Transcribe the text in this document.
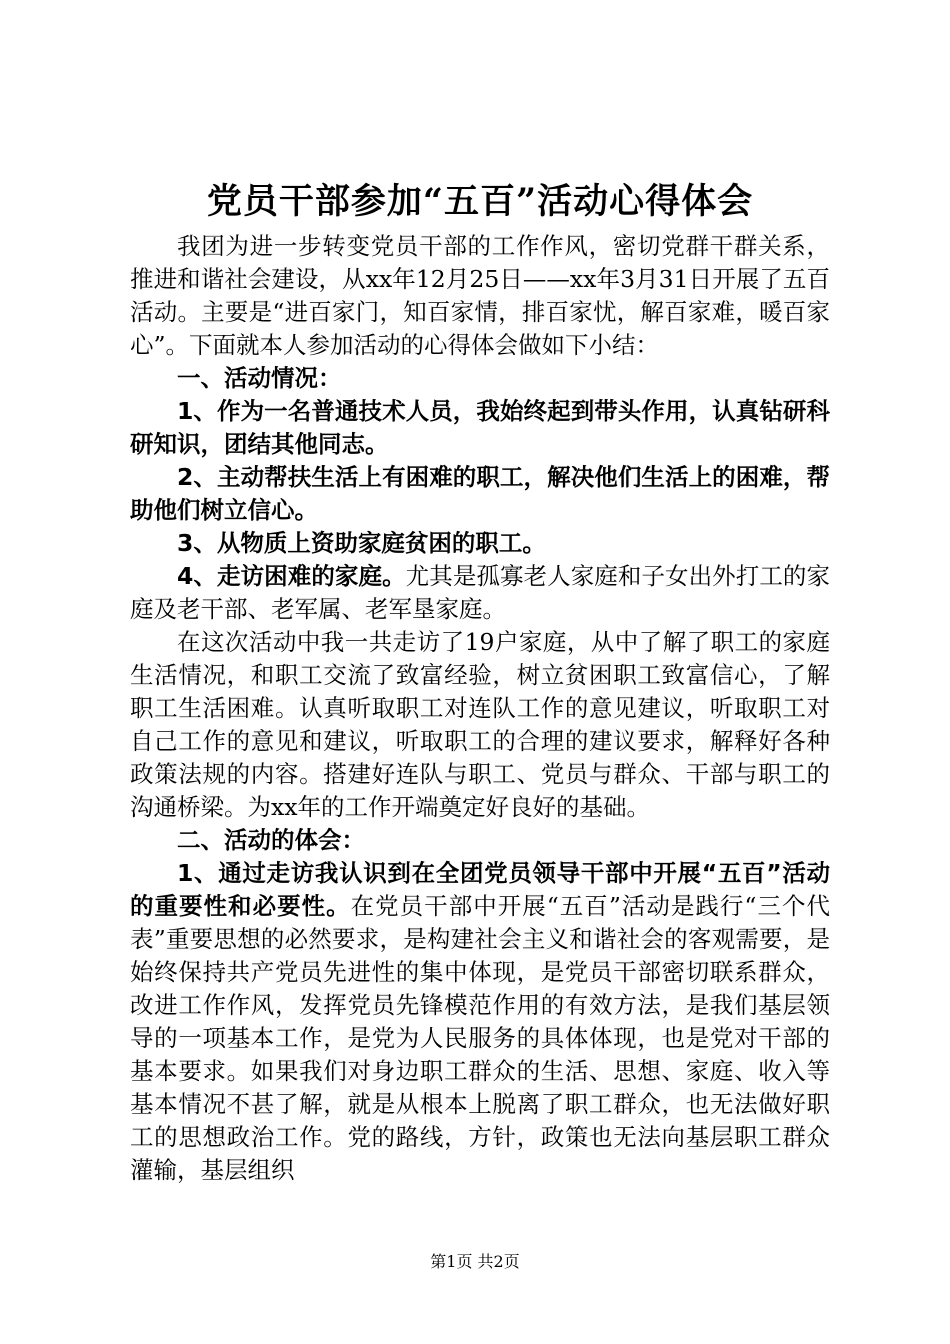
党员干部参加“五百”活动心得体会

我团为进一步转变党员干部的工作作风，密切党群干群关系，推进和谐社会建设，从xx年12月25日——xx年3月31日开展了五百活动。主要是“进百家门，知百家情，排百家忧，解百家难，暖百家心”。下面就本人参加活动的心得体会做如下小结：

一、活动情况：

1、作为一名普通技术人员，我始终起到带头作用，认真钻研科研知识，团结其他同志。

2、主动帮扶生活上有困难的职工，解决他们生活上的困难，帮助他们树立信心。

3、从物质上资助家庭贫困的职工。

4、走访困难的家庭。尤其是孤寡老人家庭和子女出外打工的家庭及老干部、老军属、老军垦家庭。

在这次活动中我一共走访了19户家庭，从中了解了职工的家庭生活情况，和职工交流了致富经验，树立贫困职工致富信心，了解职工生活困难。认真听取职工对连队工作的意见建议，听取职工对自己工作的意见和建议，听取职工的合理的建议要求，解释好各种政策法规的内容。搭建好连队与职工、党员与群众、干部与职工的沟通桥梁。为xx年的工作开端奠定好良好的基础。

二、活动的体会：

1、通过走访我认识到在全团党员领导干部中开展“五百”活动的重要性和必要性。在党员干部中开展“五百”活动是践行“三个代表”重要思想的必然要求，是构建社会主义和谐社会的客观需要，是始终保持共产党员先进性的集中体现，是党员干部密切联系群众，改进工作作风，发挥党员先锋模范作用的有效方法，是我们基层领导的一项基本工作，是党为人民服务的具体体现，也是党对干部的基本要求。如果我们对身边职工群众的生活、思想、家庭、收入等基本情况不甚了解，就是从根本上脱离了职工群众，也无法做好职工的思想政治工作。党的路线，方针，政策也无法向基层职工群众灌输，基层组织

第1页 共2页
